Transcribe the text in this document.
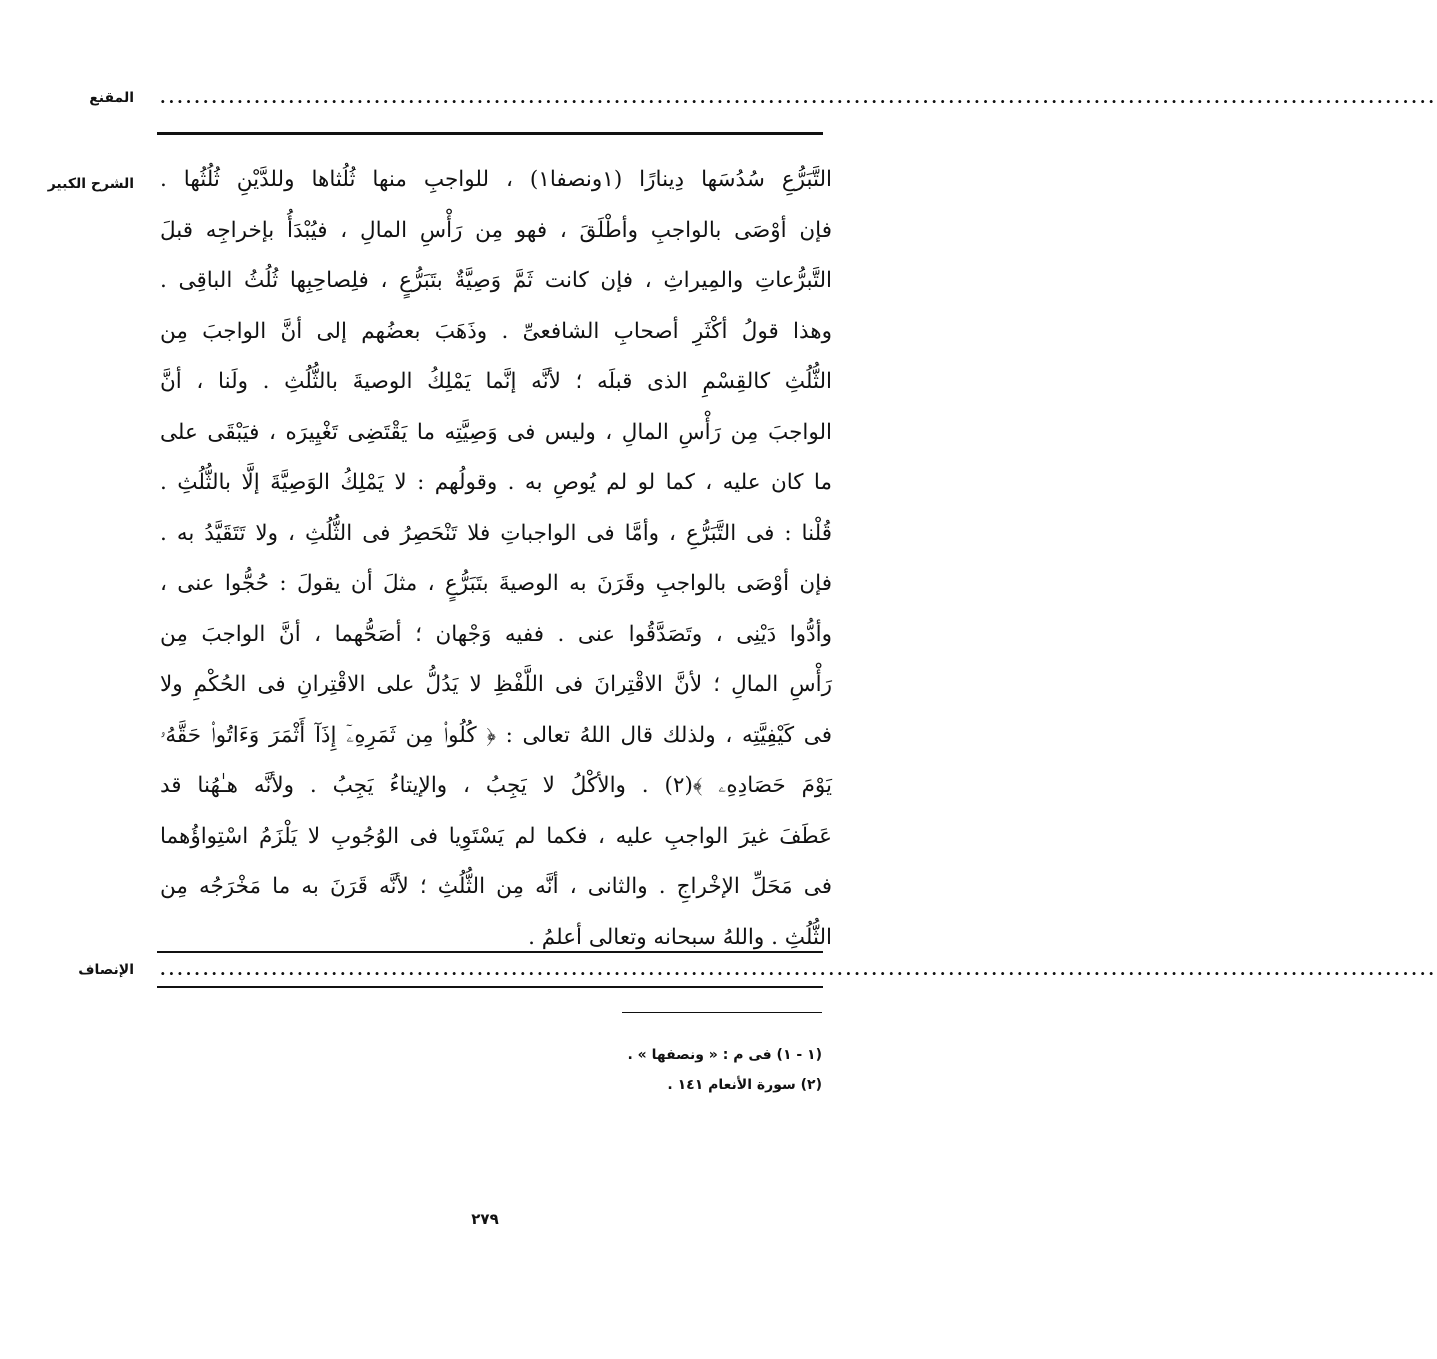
المقنع .....................................................................................................................................................
الشرح الكبير التَّبَرُّعِ سُدُسَها دِينارًا (١ونصفا١) ، للواجبِ منها ثُلُثاها وللدَّيْنِ ثُلُثُها .
فإن أوْصَى بالواجبِ وأطْلَقَ ، فهو مِن رَأْسِ المالِ ، فيُبْدَأُ بإخراجِه قبلَ
التَّبرُّعاتِ والمِيراثِ ، فإن كانت ثَمَّ وَصِيَّةٌ بتَبَرُّعٍ ، فلِصاحِبِها ثُلُثُ الباقِى .
وهذا قولُ أكْثَرِ أصحابِ الشافعىِّ . وذَهَبَ بعضُهم إلى أنَّ الواجبَ مِن
الثُّلُثِ كالقِسْمِ الذى قبلَه ؛ لأنَّه إنَّما يَمْلِكُ الوصيةَ بالثُّلُثِ . ولَنا ، أنَّ
الواجبَ مِن رَأْسِ المالِ ، وليس فى وَصِيَّتِه ما يَقْتَضِى تَغْيِيرَه ، فيَبْقَى على
ما كان عليه ، كما لو لم يُوصِ به . وقولُهم : لا يَمْلِكُ الوَصِيَّةَ إلَّا بالثُّلُثِ .
قُلْنا : فى التَّبَرُّعِ ، وأمَّا فى الواجباتِ فلا تَنْحَصِرُ فى الثُّلُثِ ، ولا تَتَقَيَّدُ به .
فإن أوْصَى بالواجبِ وقَرَنَ به الوصيةَ بتَبَرُّعٍ ، مثلَ أن يقولَ : حُجُّوا عنى ،
وأدُّوا دَيْنِى ، وتَصَدَّقُوا عنى . ففيه وَجْهان ؛ أصَحُّهما ، أنَّ الواجبَ مِن
رَأْسِ المالِ ؛ لأنَّ الاقْتِرانَ فى اللَّفْظِ لا يَدُلُّ على الاقْتِرانِ فى الحُكْمِ ولا
فى كَيْفِيَّتِه ، ولذلك قال اللهُ تعالى : ﴿ كُلُوا۟ مِن ثَمَرِهِۦٓ إِذَآ أَثْمَرَ وَءَاتُوا۟ حَقَّهُۥ
يَوْمَ حَصَادِهِۦ ﴾(٢) . والأكْلُ لا يَجِبُ ، والإيتاءُ يَجِبُ . ولأنَّه هـٰهُنا قد
عَطَفَ غيرَ الواجبِ عليه ، فكما لم يَسْتَوِيا فى الوُجُوبِ لا يَلْزَمُ اسْتِواؤُهما
فى مَحَلِّ الإخْراجِ . والثانى ، أنَّه مِن الثُّلُثِ ؛ لأنَّه قَرَنَ به ما مَخْرَجُه مِن
الثُّلُثِ . واللهُ سبحانه وتعالى أعلمُ .
الإنصاف .....................................................................................................................................................
(١ - ١) فى م : « ونصفها » .
(٢) سورة الأنعام ١٤١ .
٢٧٩
